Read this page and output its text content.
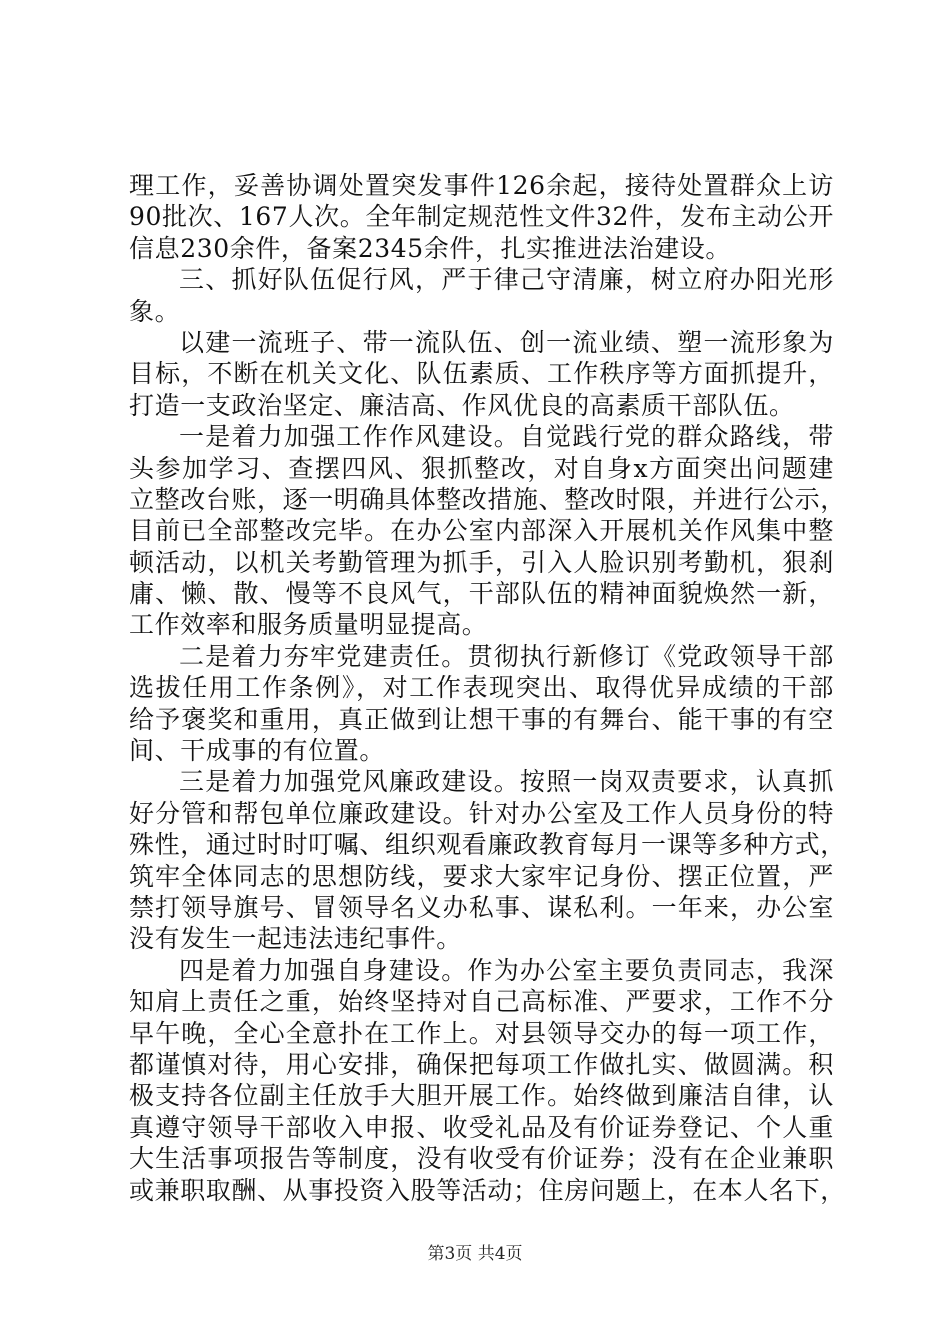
理工作，妥善协调处置突发事件126余起，接待处置群众上访
90批次、167人次。全年制定规范性文件32件，发布主动公开
信息230余件，备案2345余件，扎实推进法治建设。
三、抓好队伍促行风，严于律己守清廉，树立府办阳光形
象。
以建一流班子、带一流队伍、创一流业绩、塑一流形象为
目标，不断在机关文化、队伍素质、工作秩序等方面抓提升，
打造一支政治坚定、廉洁高、作风优良的高素质干部队伍。
一是着力加强工作作风建设。自觉践行党的群众路线，带
头参加学习、查摆四风、狠抓整改，对自身x方面突出问题建
立整改台账，逐一明确具体整改措施、整改时限，并进行公示，
目前已全部整改完毕。在办公室内部深入开展机关作风集中整
顿活动，以机关考勤管理为抓手，引入人脸识别考勤机，狠刹
庸、懒、散、慢等不良风气，干部队伍的精神面貌焕然一新，
工作效率和服务质量明显提高。
二是着力夯牢党建责任。贯彻执行新修订《党政领导干部
选拔任用工作条例》，对工作表现突出、取得优异成绩的干部
给予褒奖和重用，真正做到让想干事的有舞台、能干事的有空
间、干成事的有位置。
三是着力加强党风廉政建设。按照一岗双责要求，认真抓
好分管和帮包单位廉政建设。针对办公室及工作人员身份的特
殊性，通过时时叮嘱、组织观看廉政教育每月一课等多种方式，
筑牢全体同志的思想防线，要求大家牢记身份、摆正位置，严
禁打领导旗号、冒领导名义办私事、谋私利。一年来，办公室
没有发生一起违法违纪事件。
四是着力加强自身建设。作为办公室主要负责同志，我深
知肩上责任之重，始终坚持对自己高标准、严要求，工作不分
早午晚，全心全意扑在工作上。对县领导交办的每一项工作，
都谨慎对待，用心安排，确保把每项工作做扎实、做圆满。积
极支持各位副主任放手大胆开展工作。始终做到廉洁自律，认
真遵守领导干部收入申报、收受礼品及有价证券登记、个人重
大生活事项报告等制度，没有收受有价证券；没有在企业兼职
或兼职取酬、从事投资入股等活动；住房问题上，在本人名下，
第3页 共4页
